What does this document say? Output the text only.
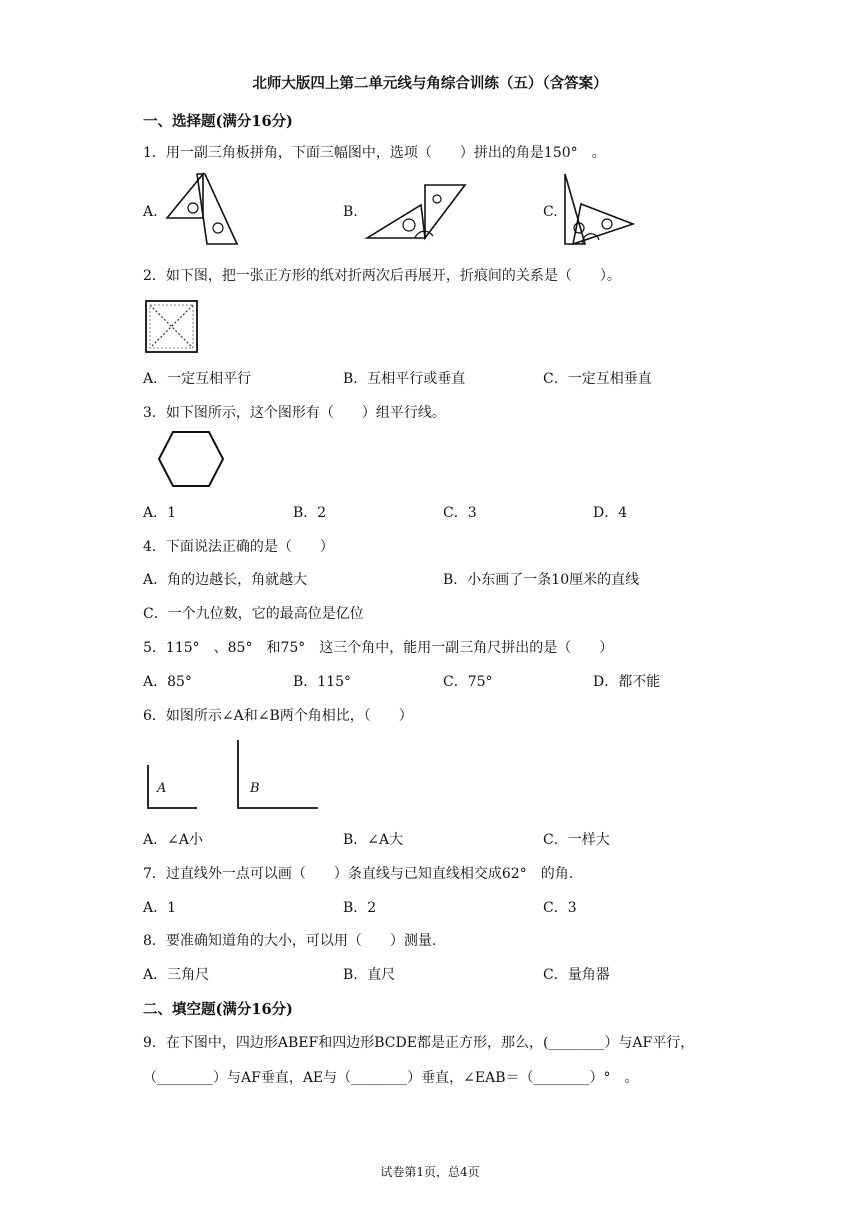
北师大版四上第二单元线与角综合训练（五）（含答案）
一、选择题(满分16分)
1．用一副三角板拼角，下面三幅图中，选项（　　）拼出的角是150°　。
A.	B.	C.
2．如下图，把一张正方形的纸对折两次后再展开，折痕间的关系是（　　）。
A．一定互相平行	B．互相平行或垂直	C．一定互相垂直
3．如下图所示，这个图形有（　　）组平行线。
A．1	B．2	C．3	D．4
4．下面说法正确的是（　　）
A．角的边越长，角就越大	B．小东画了一条10厘米的直线
C．一个九位数，它的最高位是亿位
5．115°　、85°　和75°　这三个角中，能用一副三角尺拼出的是（　　）
A．85°	B．115°	C．75°	D．都不能
6．如图所示∠A和∠B两个角相比，（　　）
A	B
A．∠A小	B．∠A大	C．一样大
7．过直线外一点可以画（　　）条直线与已知直线相交成62°　的角.
A．1	B．2	C．3
8．要准确知道角的大小，可以用（　　）测量.
A．三角尺	B．直尺	C．量角器
二、填空题(满分16分)
9．在下图中，四边形ABEF和四边形BCDE都是正方形，那么，(________）与AF平行，
（________）与AF垂直，AE与（________）垂直，∠EAB＝（________）°　。
试卷第1页，总4页
